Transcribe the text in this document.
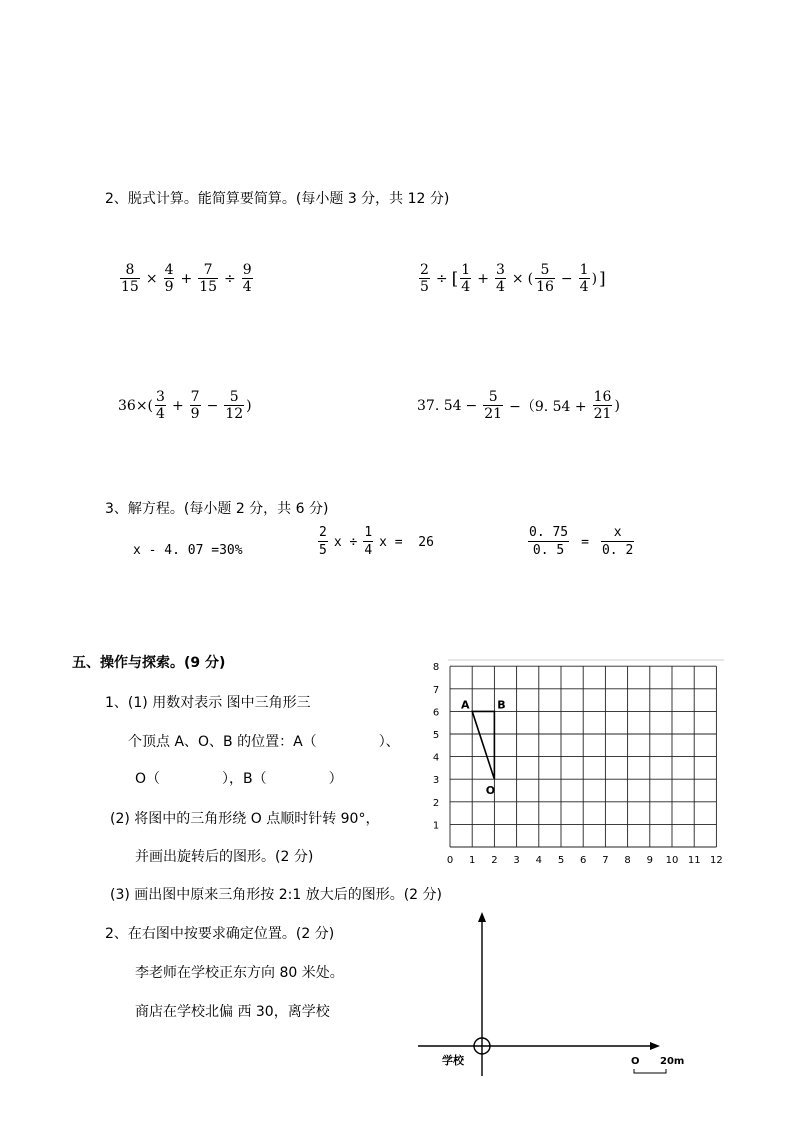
2、脱式计算。能简算要简算。(每小题 3 分，共 12 分)
$\frac{8}{15} \times \frac{4}{9} + \frac{7}{15} \div \frac{9}{4}$	$\frac{2}{5}$ ÷ [ $\frac{1}{4} + \frac{3}{4}$ × ( $\frac{5}{16} - \frac{1}{4}$ ) ]
$36\times( \frac{3}{4} + \frac{7}{9} - \frac{5}{12}$ )	37. $54 - \frac{5}{21} -(9$. $54 + \frac{16}{21}$ )
3、解方程。(每小题 2 分，共 6 分)
x - 4. 07 =30%	$\frac{2}{5}$ $x \div \frac{1}{4}$ x =  26	$\frac{0. 75}{0. 5} = \frac{x}{0. 2}$
五、操作与探索。(9 分)
1、(1) 用数对表示 图中三角形三
个顶点 A、O、B 的位置：A（	）、
O（	），B（	）
(2) 将图中的三角形绕 O 点顺时针转 90°，
并画出旋转后的图形。(2 分)
(3) 画出图中原来三角形按 2:1 放大后的图形。(2 分)
2、在右图中按要求确定位置。(2 分)
李老师在学校正东方向 80 米处。
商店在学校北偏 西 30，离学校
0 1 2 3 4 5 6 7 8 9 10 11 12
1
2
3
4
5
6
7
8
A	B
O
学校	O 20m
